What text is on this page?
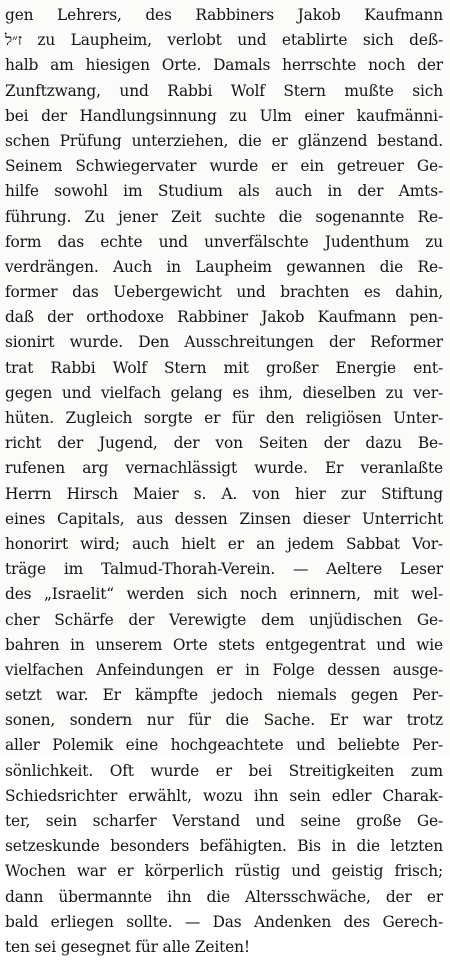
gen Lehrers, des Rabbiners Jakob Kaufmann
ז״ל zu Laupheim, verlobt und etablirte sich deß-
halb am hiesigen Orte. Damals herrschte noch der
Zunftzwang, und Rabbi Wolf Stern mußte sich
bei der Handlungsinnung zu Ulm einer kaufmänni-
schen Prüfung unterziehen, die er glänzend bestand.
Seinem Schwiegervater wurde er ein getreuer Ge-
hilfe sowohl im Studium als auch in der Amts-
führung. Zu jener Zeit suchte die sogenannte Re-
form das echte und unverfälschte Judenthum zu
verdrängen. Auch in Laupheim gewannen die Re-
former das Uebergewicht und brachten es dahin,
daß der orthodoxe Rabbiner Jakob Kaufmann pen-
sionirt wurde. Den Ausschreitungen der Reformer
trat Rabbi Wolf Stern mit großer Energie ent-
gegen und vielfach gelang es ihm, dieselben zu ver-
hüten. Zugleich sorgte er für den religiösen Unter-
richt der Jugend, der von Seiten der dazu Be-
rufenen arg vernachlässigt wurde. Er veranlaßte
Herrn Hirsch Maier s. A. von hier zur Stiftung
eines Capitals, aus dessen Zinsen dieser Unterricht
honorirt wird; auch hielt er an jedem Sabbat Vor-
träge im Talmud-Thorah-Verein. — Aeltere Leser
des „Israelit“ werden sich noch erinnern, mit wel-
cher Schärfe der Verewigte dem unjüdischen Ge-
bahren in unserem Orte stets entgegentrat und wie
vielfachen Anfeindungen er in Folge dessen ausge-
setzt war. Er kämpfte jedoch niemals gegen Per-
sonen, sondern nur für die Sache. Er war trotz
aller Polemik eine hochgeachtete und beliebte Per-
sönlichkeit. Oft wurde er bei Streitigkeiten zum
Schiedsrichter erwählt, wozu ihn sein edler Charak-
ter, sein scharfer Verstand und seine große Ge-
setzeskunde besonders befähigten. Bis in die letzten
Wochen war er körperlich rüstig und geistig frisch;
dann übermannte ihn die Altersschwäche, der er
bald erliegen sollte. — Das Andenken des Gerech-
ten sei gesegnet für alle Zeiten!
